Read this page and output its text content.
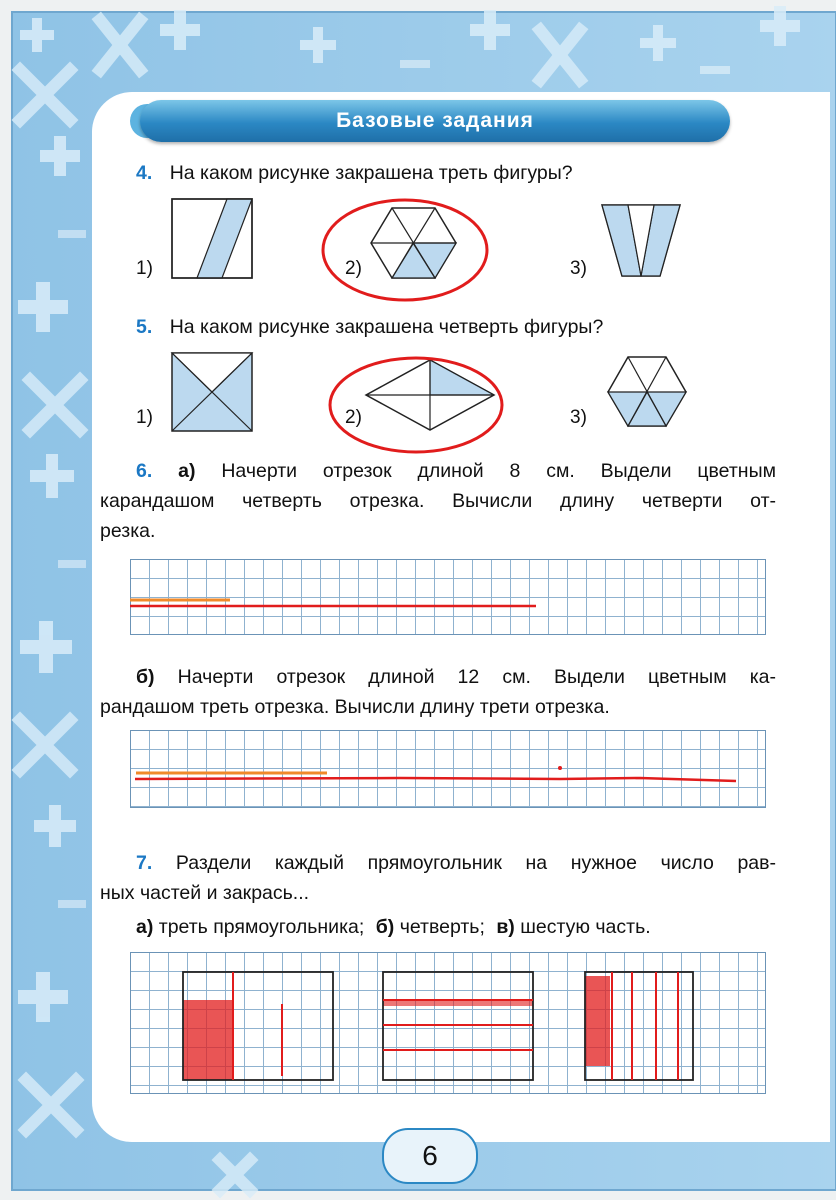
Базовые задания
4. На каком рисунке закрашена треть фигуры?
1)	2)	3)
5. На каком рисунке закрашена четверть фигуры?
1)	2)	3)
6. а) Начерти отрезок длиной 8 см. Выдели цветным
карандашом четверть отрезка. Вычисли длину четверти от-
резка.
б) Начерти отрезок длиной 12 см. Выдели цветным ка-
рандашом треть отрезка. Вычисли длину трети отрезка.
7. Раздели каждый прямоугольник на нужное число рав-
ных частей и закрась...
а) треть прямоугольника; б) четверть; в) шестую часть.
6
